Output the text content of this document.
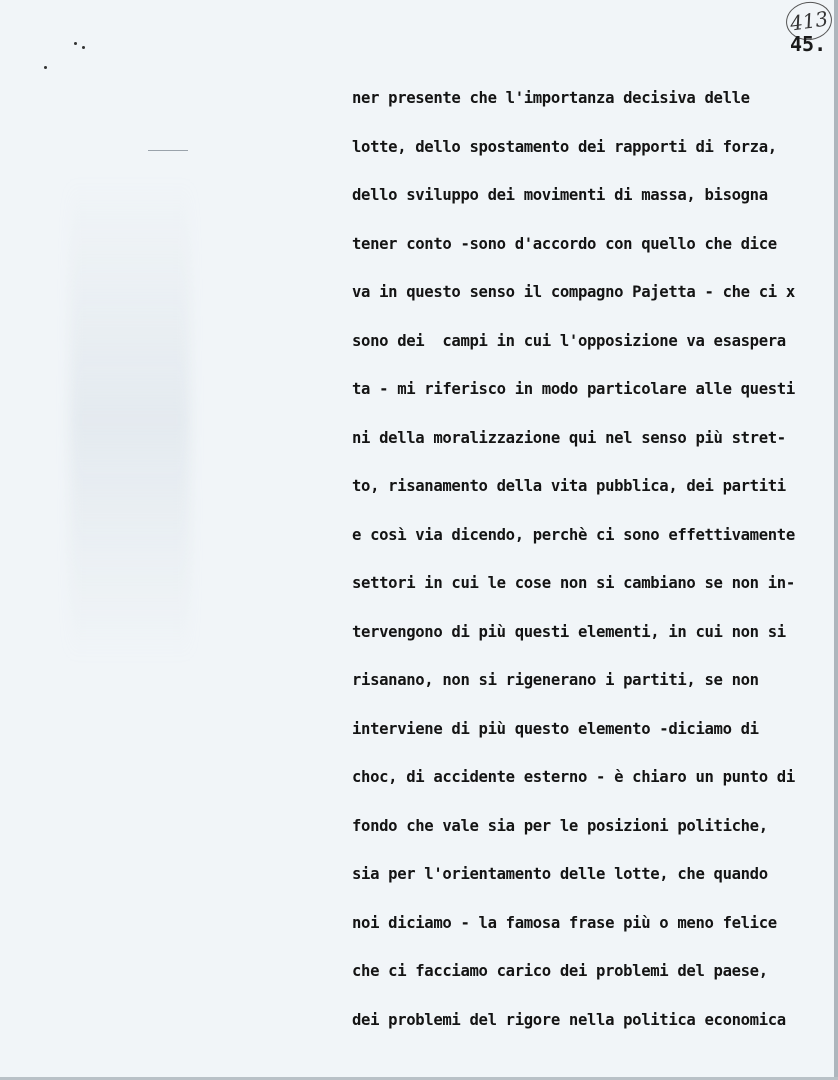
413
45.
ner presente che l'importanza decisiva delle
lotte, dello spostamento dei rapporti di forza,
dello sviluppo dei movimenti di massa, bisogna
tener conto -sono d'accordo con quello che dice
va in questo senso il compagno Pajetta - che ci x
sono dei  campi in cui l'opposizione va esaspera
ta - mi riferisco in modo particolare alle questi
ni della moralizzazione qui nel senso più stret-
to, risanamento della vita pubblica, dei partiti
e così via dicendo, perchè ci sono effettivamente
settori in cui le cose non si cambiano se non in-
tervengono di più questi elementi, in cui non si
risanano, non si rigenerano i partiti, se non
interviene di più questo elemento -diciamo di
choc, di accidente esterno - è chiaro un punto di
fondo che vale sia per le posizioni politiche,
sia per l'orientamento delle lotte, che quando
noi diciamo - la famosa frase più o meno felice
che ci facciamo carico dei problemi del paese,
dei problemi del rigore nella politica economica
